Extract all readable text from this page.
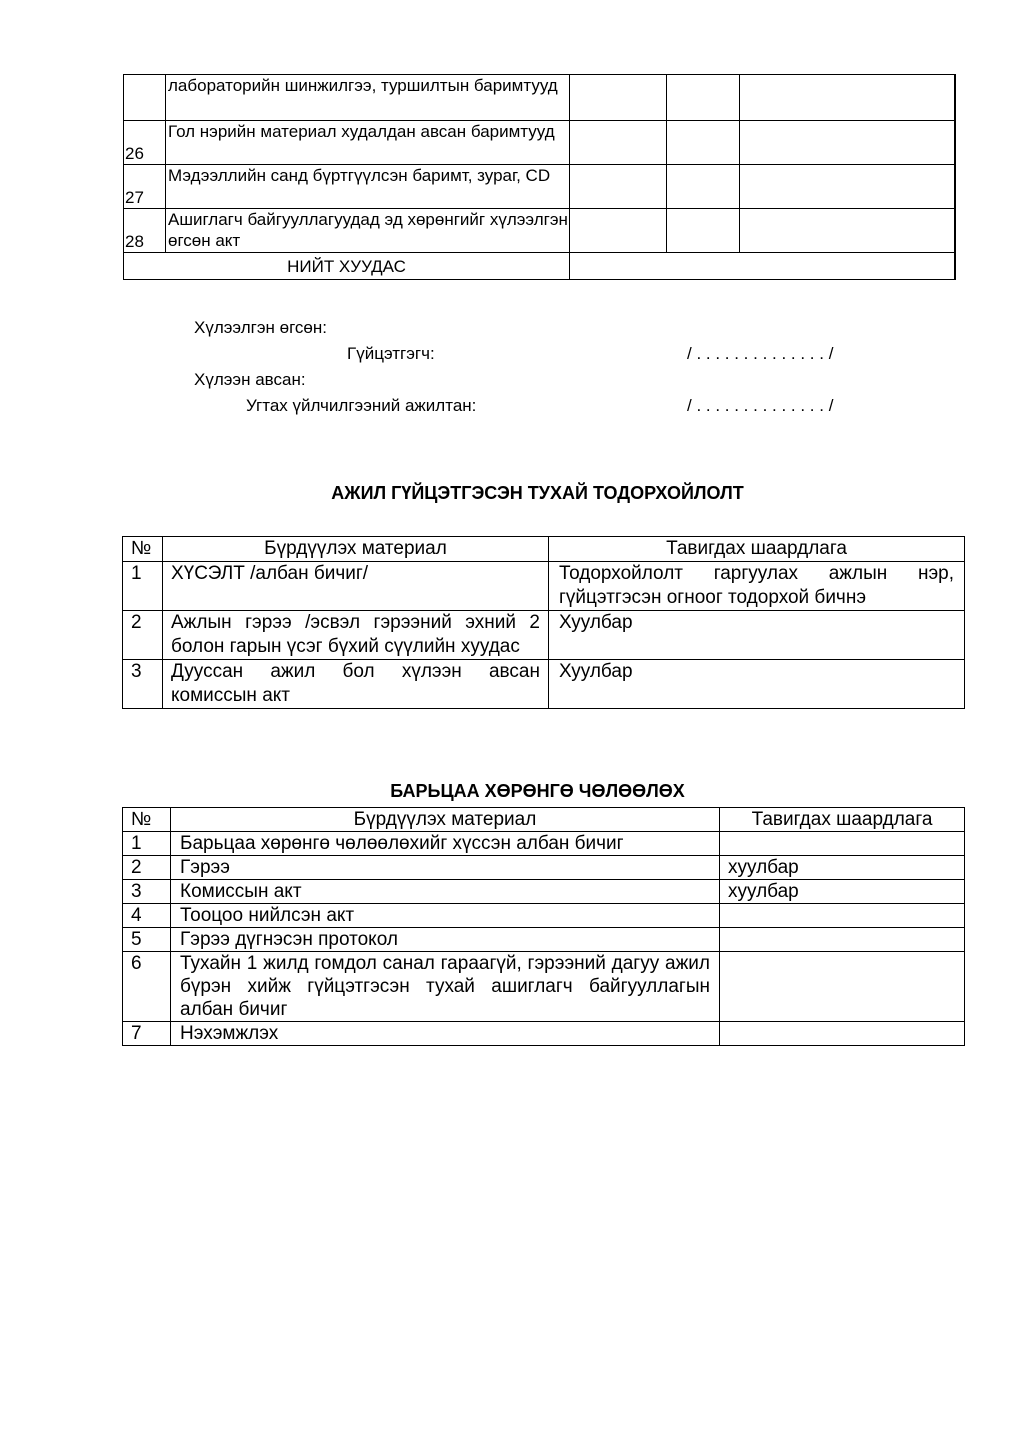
	лабораторийн шинжилгээ, туршилтын баримтууд			
26	Гол нэрийн материал худалдан авсан баримтууд			
27	Мэдээллийн санд бүртгүүлсэн баримт, зураг, CD			
28	Ашиглагч байгууллагуудад эд хөрөнгийг хүлээлгэн өгсөн акт			
НИЙТ ХУУДАС				
Хүлээлгэн өгсөн:
Гүйцэтгэгч:	/ . . . . . . . . . . . . . . /
Хүлээн авсан:
Угтах үйлчилгээний ажилтан:	/ . . . . . . . . . . . . . . /
АЖИЛ ГҮЙЦЭТГЭСЭН ТУХАЙ ТОДОРХОЙЛОЛТ
№	Бүрдүүлэх материал	Тавигдах шаардлага
1	ХҮСЭЛТ /албан бичиг/	Тодорхойлолт гаргуулах ажлын нэр, гүйцэтгэсэн огноог тодорхой бичнэ
2	Ажлын гэрээ /эсвэл гэрээний эхний 2 болон гарын үсэг бүхий сүүлийн хуудас	Хуулбар
3	Дууссан ажил бол хүлээн авсан комиссын акт	Хуулбар
БАРЬЦАА ХӨРӨНГӨ ЧӨЛӨӨЛӨХ
№	Бүрдүүлэх материал	Тавигдах шаардлага
1	Барьцаа хөрөнгө чөлөөлөхийг хүссэн албан бичиг	
2	Гэрээ	хуулбар
3	Комиссын акт	хуулбар
4	Тооцоо нийлсэн акт	
5	Гэрээ дүгнэсэн протокол	
6	Тухайн 1 жилд гомдол санал гараагүй, гэрээний дагуу ажил бүрэн хийж гүйцэтгэсэн тухай ашиглагч байгууллагын албан бичиг	
7	Нэхэмжлэх	
